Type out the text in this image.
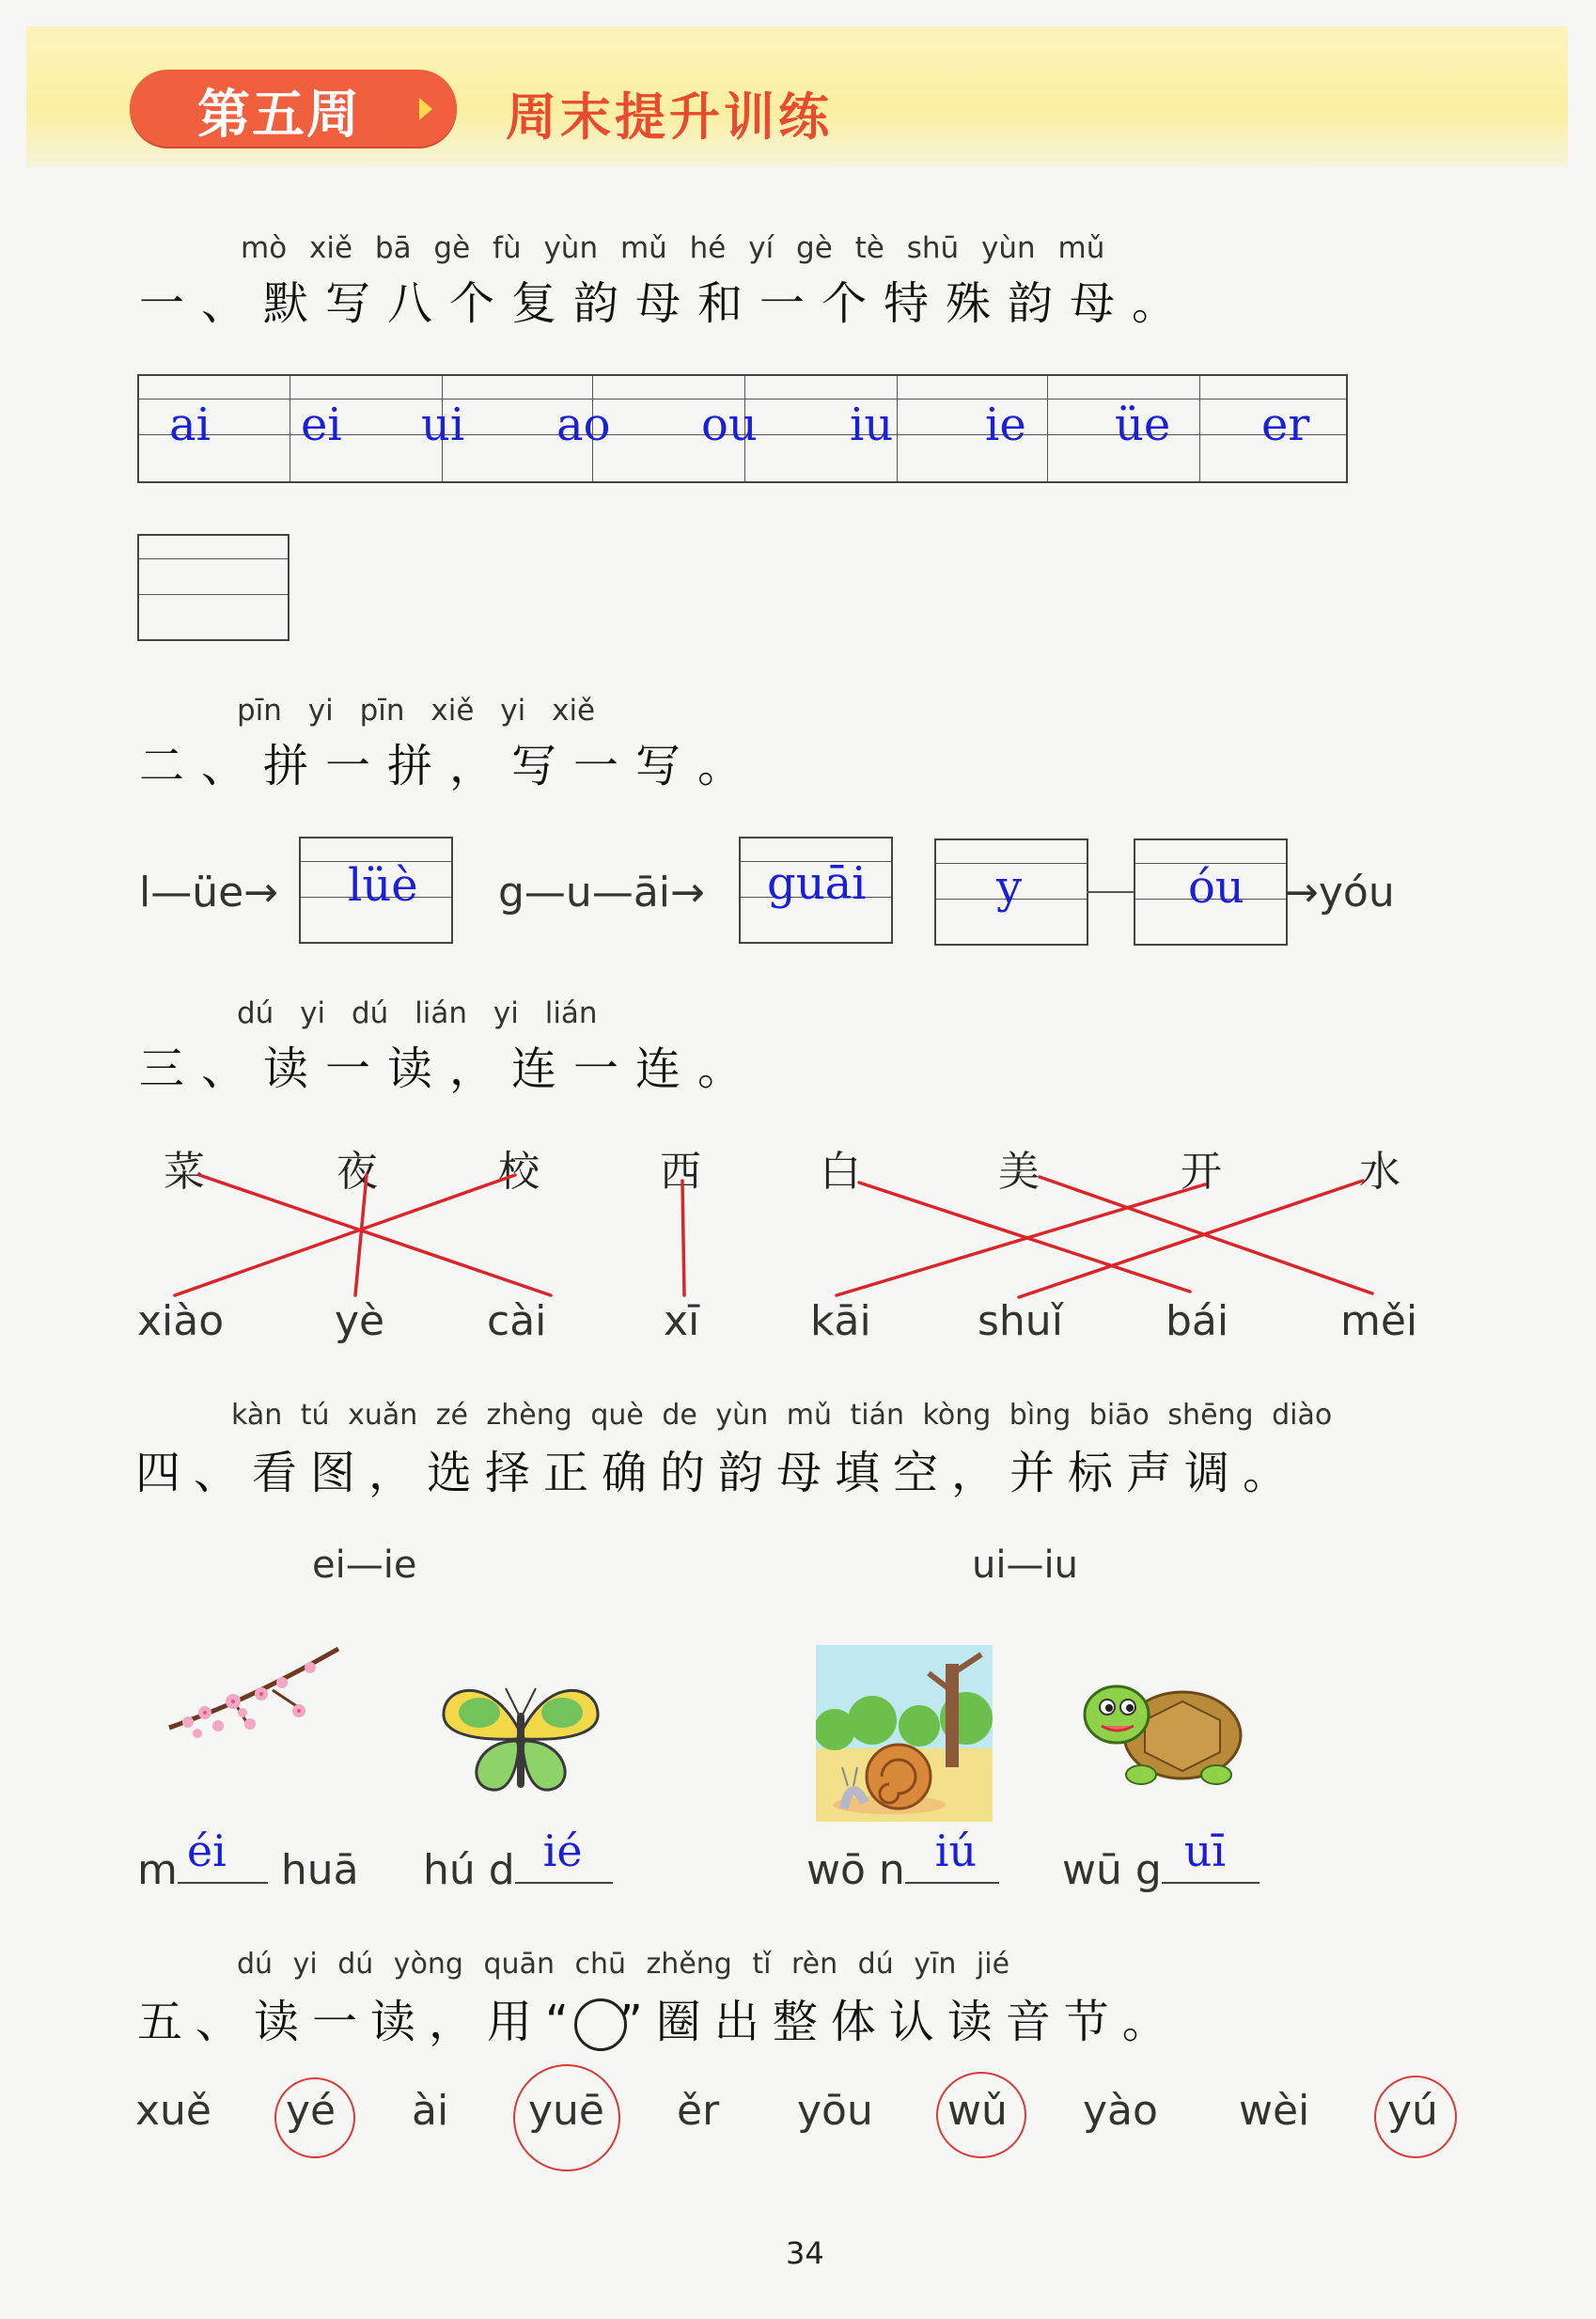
第五周	周末提升训练
mò xiě bā gè fù yùn mǔ hé yí gè tè shū yùn mǔ
一、默写八个复韵母和一个特殊韵母。
ai ei ui ao ou iu ie üe er
pīn yi pīn xiě yi xiě
二、拼一拼，写一写。
l—üe→ lüè g—u—āi→ guāi	y	óu →yóu
dú yi dú lián yi lián
三、读一读，连一连。
菜	夜	校	西	白	美	开	水
xiào	yè cài	xī	kāi	shuǐ bái	měi
kàn tú xuǎn zé zhèng què de yùn mǔ tián kòng bìng biāo shēng diào
四、看图，选择正确的韵母填空，并标声调。
ei—ie	ui—iu
m éi huā hú d ié	wō n iú wū g uī
dú yi dú yòng quān chū zhěng tǐ rèn dú yīn jié
五、读一读，用“ ”圈出整体认读音节。
xuě yé ài yuē ěr yōu wǔ yào wèi yú
34
